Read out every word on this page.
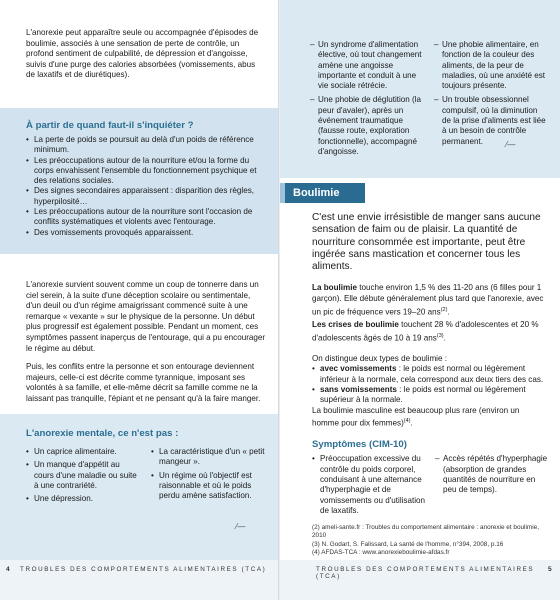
L'anorexie peut apparaître seule ou accompagnée d'épisodes de boulimie, associés à une sensation de perte de contrôle, un profond sentiment de culpabilité, de dépression et d'angoisse, suivis d'une purge des calories absorbées (vomissements, abus de laxatifs et de diurétiques).

À partir de quand faut-il s'inquiéter ?

• La perte de poids se poursuit au delà d'un poids de référence minimum.
• Les préoccupations autour de la nourriture et/ou la forme du corps envahissent l'ensemble du fonctionnement psychique et des relations sociales.
• Des signes secondaires apparaissent : disparition des règles, hyperpilosité…
• Les préoccupations autour de la nourriture sont l'occasion de conflits systématiques et violents avec l'entourage.
• Des vomissements provoqués apparaissent.

L'anorexie survient souvent comme un coup de tonnerre dans un ciel serein, à la suite d'une déception scolaire ou sentimentale, d'un deuil ou d'un régime amaigrissant commencé suite à une remarque « vexante » sur le physique de la personne. Un début plus progressif est également possible. Pendant un moment, ces symptômes passent inaperçus de l'entourage, qui a pu encourager le régime au début.

Puis, les conflits entre la personne et son entourage deviennent majeurs, celle-ci est décrite comme tyrannique, imposant ses volontés à sa famille, et elle-même décrit sa famille comme ne la laissant pas tranquille, l'épiant et ne pensant qu'à la faire manger.

L'anorexie mentale, ce n'est pas :

• Un caprice alimentaire.
• Un manque d'appétit au cours d'une maladie ou suite à une contrariété.
• Une dépression.
• La caractéristique d'un « petit mangeur ».
• Un régime où l'objectif est raisonnable et où le poids perdu amène satisfaction.
⁄—
4 TROUBLES DES COMPORTEMENTS ALIMENTAIRES (TCA)
– Un syndrome d'alimentation élective, où tout changement amène une angoisse importante et conduit à une vie sociale rétrécie.
– Une phobie de déglutition (la peur d'avaler), après un événement traumatique (fausse route, exploration fonctionnelle), accompagné d'angoisse.
– Une phobie alimentaire, en fonction de la couleur des aliments, de la peur de maladies, où une anxiété est toujours présente.
– Un trouble obsessionnel compulsif, où la diminution de la prise d'aliments est liée à un besoin de contrôle permanent.	⁄—
Boulimie

C'est une envie irrésistible de manger sans aucune sensation de faim ou de plaisir. La quantité de nourriture consommée est importante, peut être ingérée sans mastication et concerner tous les aliments.

La boulimie touche environ 1,5 % des 11-20 ans (6 filles pour 1 garçon). Elle débute généralement plus tard que l'anorexie, avec un pic de fréquence vers 19–20 ans$^{(2)}$.

Les crises de boulimie touchent 28 % d'adolescentes et 20 % d'adolescents âgés de 10 à 19 ans$^{(3)}$.

On distingue deux types de boulimie :

• avec vomissements : le poids est normal ou légèrement inférieur à la normale, cela correspond aux deux tiers des cas.
• sans vomissements : le poids est normal ou légèrement supérieur à la normale.

La boulimie masculine est beaucoup plus rare (environ un homme pour dix femmes)$^{(4)}$.

Symptômes (CIM-10)

• Préoccupation excessive du contrôle du poids corporel, conduisant à une alternance d'hyperphagie et de vomissements ou d'utilisation de laxatifs.
– Accès répétés d'hyperphagie (absorption de grandes quantités de nourriture en peu de temps).

(2) ameli-sante.fr : Troubles du comportement alimentaire : anorexie et boulimie, 2010

(3) N. Godart, S. Falissard, La santé de l'homme, n°394, 2008, p.16

(4) AFDAS-TCA : www.anorexieboulimie-afdas.fr

TROUBLES DES COMPORTEMENTS ALIMENTAIRES (TCA)
5
